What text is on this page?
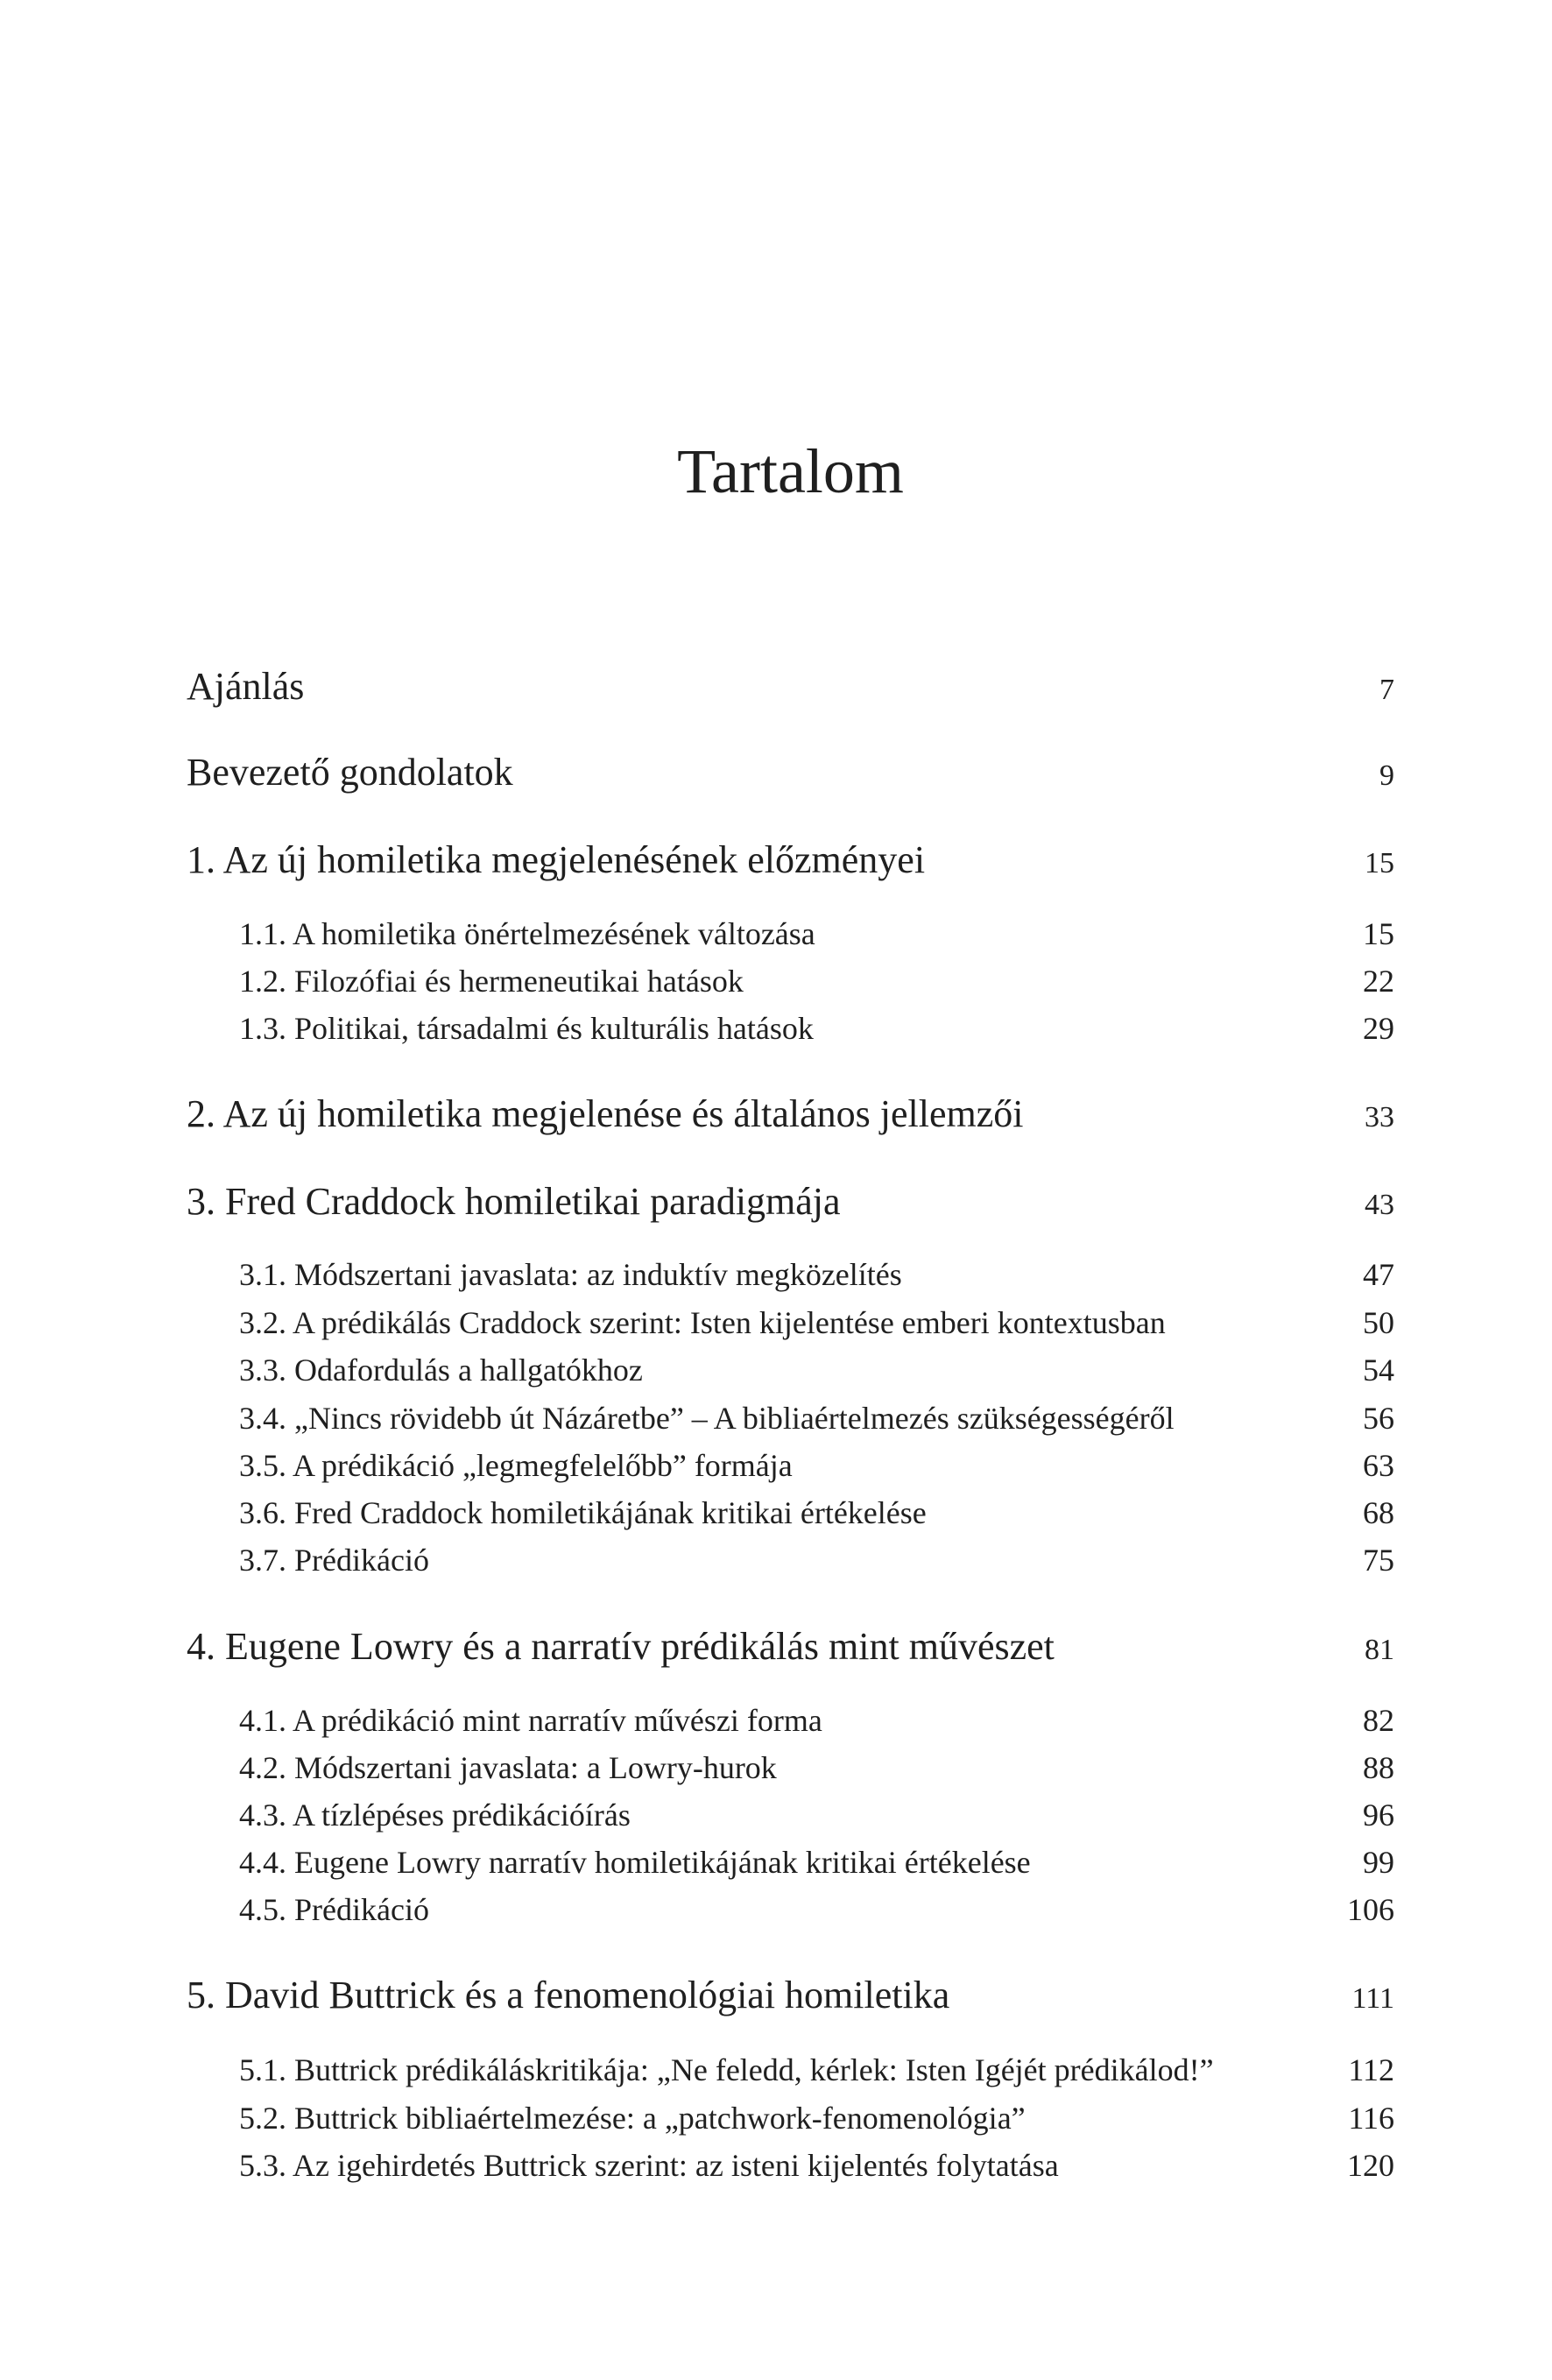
Tartalom
Ajánlás	7
Bevezető gondolatok	9
1. Az új homiletika megjelenésének előzményei	15
1.1. A homiletika önértelmezésének változása	15
1.2. Filozófiai és hermeneutikai hatások	22
1.3. Politikai, társadalmi és kulturális hatások	29
2. Az új homiletika megjelenése és általános jellemzői	33
3. Fred Craddock homiletikai paradigmája	43
3.1. Módszertani javaslata: az induktív megközelítés	47
3.2. A prédikálás Craddock szerint: Isten kijelentése emberi kontextusban	50
3.3. Odafordulás a hallgatókhoz	54
3.4. „Nincs rövidebb út Názáretbe” – A bibliaértelmezés szükségességéről	56
3.5. A prédikáció „legmegfelelőbb” formája	63
3.6. Fred Craddock homiletikájának kritikai értékelése	68
3.7. Prédikáció	75
4. Eugene Lowry és a narratív prédikálás mint művészet	81
4.1. A prédikáció mint narratív művészi forma	82
4.2. Módszertani javaslata: a Lowry-hurok	88
4.3. A tízlépéses prédikációírás	96
4.4. Eugene Lowry narratív homiletikájának kritikai értékelése	99
4.5. Prédikáció	106
5. David Buttrick és a fenomenológiai homiletika	111
5.1. Buttrick prédikáláskritikája: „Ne feledd, kérlek: Isten Igéjét prédikálod!”	112
5.2. Buttrick bibliaértelmezése: a „patchwork-fenomenológia”	116
5.3. Az igehirdetés Buttrick szerint: az isteni kijelentés folytatása	120
